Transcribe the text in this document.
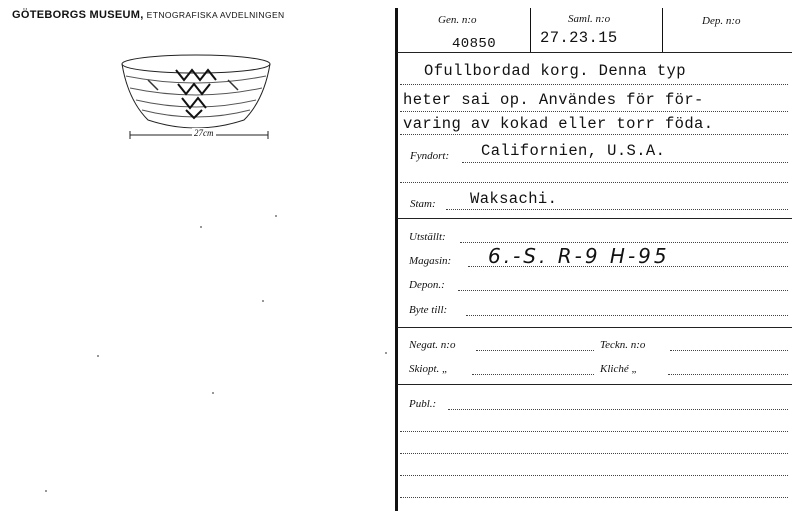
GÖTEBORGS MUSEUM, ETNOGRAFISKA AVDELNINGEN
27cm
Gen. n:o
40850
Saml. n:o
27.23.15
Dep. n:o
Ofullbordad korg. Denna typ
heter sai op. Användes för för-
varing av kokad eller torr föda.
Fyndort: Californien, U.S.A.
Stam: Waksachi.
Utställt:
Magasin: 6.-S. R-9 H-95
Depon.:
Byte till:
Negat. n:o	Teckn. n:o
Skiopt. „	Kliché „
Publ.:
